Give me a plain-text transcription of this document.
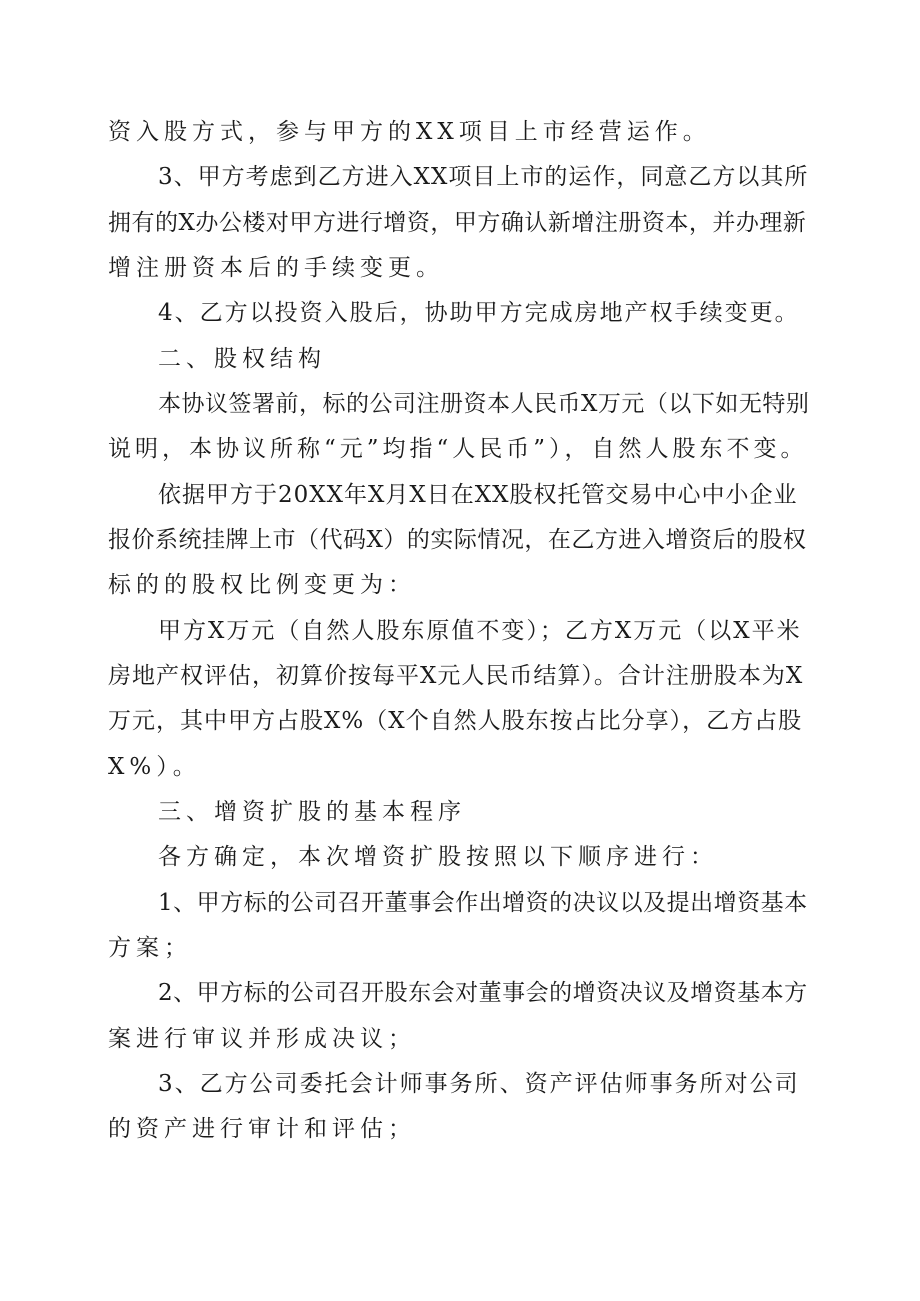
资入股方式，参与甲方的XX项目上市经营运作。
3、甲方考虑到乙方进入XX项目上市的运作，同意乙方以其所
拥有的X办公楼对甲方进行增资，甲方确认新增注册资本，并办理新
增注册资本后的手续变更。
4、乙方以投资入股后，协助甲方完成房地产权手续变更。
二、股权结构
本协议签署前，标的公司注册资本人民币X万元（以下如无特别
说明，本协议所称“元”均指“人民币”），自然人股东不变。
依据甲方于20XX年X月X日在XX股权托管交易中心中小企业
报价系统挂牌上市（代码X）的实际情况，在乙方进入增资后的股权
标的的股权比例变更为：
甲方X万元（自然人股东原值不变）；乙方X万元（以X平米
房地产权评估，初算价按每平X元人民币结算）。合计注册股本为X
万元，其中甲方占股X%（X个自然人股东按占比分享），乙方占股
X%）。
三、增资扩股的基本程序
各方确定，本次增资扩股按照以下顺序进行：
1、甲方标的公司召开董事会作出增资的决议以及提出增资基本
方案；
2、甲方标的公司召开股东会对董事会的增资决议及增资基本方
案进行审议并形成决议；
3、乙方公司委托会计师事务所、资产评估师事务所对公司
的资产进行审计和评估；
